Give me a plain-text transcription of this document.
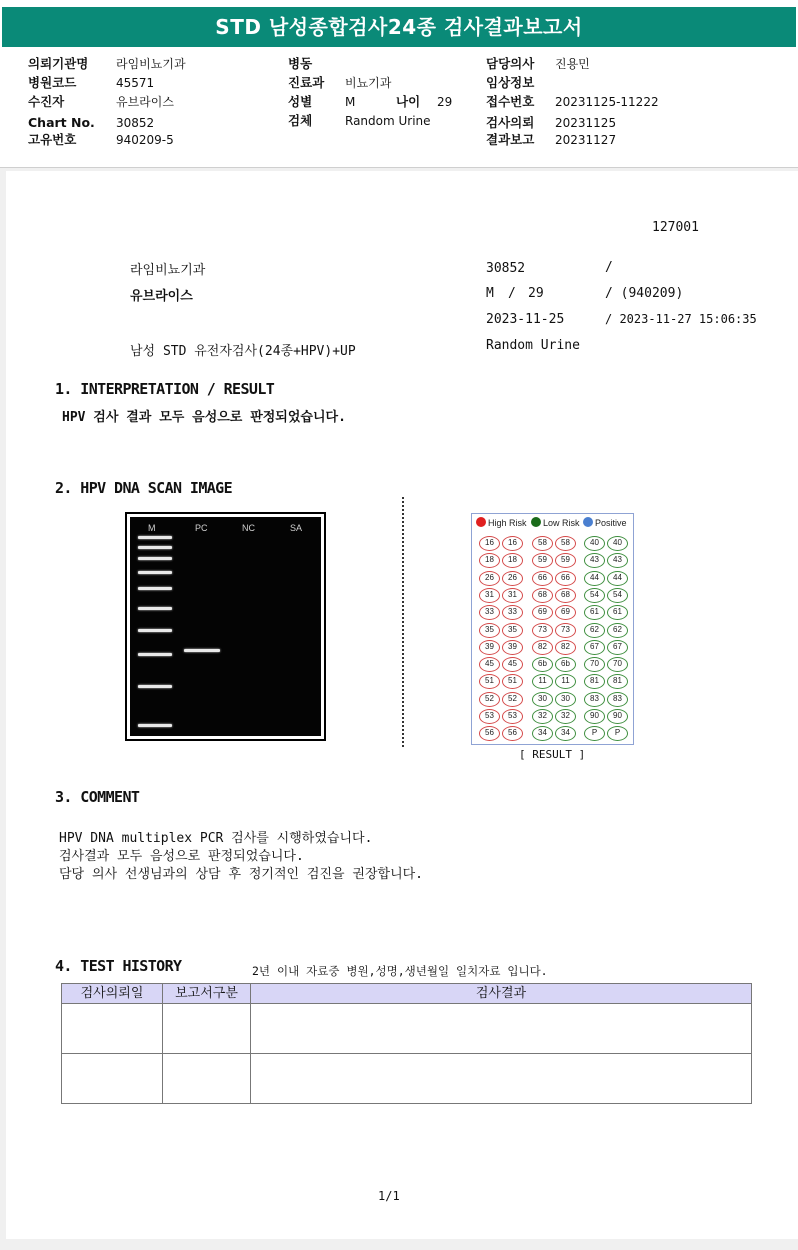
STD 남성종합검사24종 검사결과보고서
의뢰기관명 라임비뇨기과
병원코드	45571
수진자	유브라이스
Chart No. 30852
고유번호	940209-5
병동
진료과 비뇨기과
성별	M	나이 29
검체	Random Urine
담당의사 진용민
임상정보
접수번호 20231125-11222
검사의뢰 20231125
결과보고 20231127
127001
라임비뇨기과
유브라이스
남성 STD 유전자검사(24종+HPV)+UP
30852	/
M / 29	/ (940209)
2023-11-25	/ 2023-11-27 15:06:35
Random Urine
1. INTERPRETATION / RESULT
HPV 검사 결과 모두 음성으로 판정되었습니다.
2. HPV DNA SCAN IMAGE
M	PC	NC	SA	High Risk	Low Risk	Positive
16	16	58	58	40	40
18	18	59	59	43	43
26	26	66	66	44	44
31	31	68	68	54	54
33	33	69	69	61	61
35	35	73	73	62	62
39	39	82	82	67	67
45	45	6b	6b	70	70
51	51	11	11	81	81
52	52	30	30	83	83
53	53	32	32	90	90
56	56	34	34	P	P
[ RESULT ]
3. COMMENT
HPV DNA multiplex PCR 검사를 시행하였습니다.
검사결과 모두 음성으로 판정되었습니다.
담당 의사 선생님과의 상담 후 정기적인 검진을 권장합니다.
4. TEST HISTORY	2년 이내 자료중 병원,성명,생년월일 일치자료 입니다.
검사의뢰일	보고서구분	검사결과

1/1
